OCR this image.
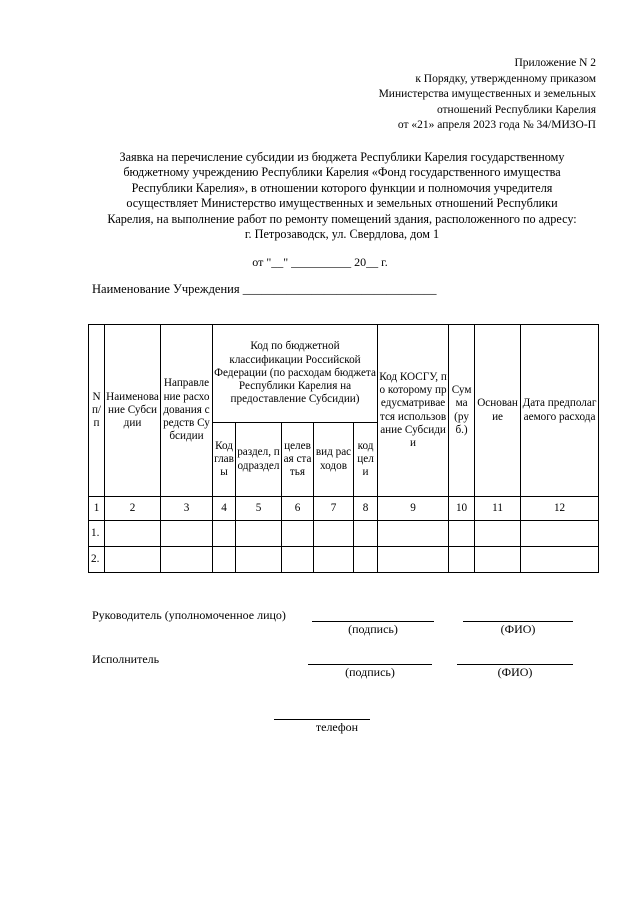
Приложение N 2
к Порядку, утвержденному приказом
Министерства имущественных и земельных
отношений Республики Карелия
от «21» апреля 2023 года № 34/МИЗО-П
Заявка на перечисление субсидии из бюджета Республики Карелия государственному
бюджетному учреждению Республики Карелия «Фонд государственного имущества
Республики Карелия», в отношении которого функции и полномочия учредителя
осуществляет Министерство имущественных и земельных отношений Республики
Карелия, на выполнение работ по ремонту помещений здания, расположенного по адресу:
г. Петрозаводск, ул. Свердлова, дом 1
от "__" __________ 20__ г.
Наименование Учреждения _______________________________
N п/п	Наименование Субсидии	Направление расходования средств Субсидии	Код по бюджетной классификации Российской Федерации (по расходам бюджета Республики Карелия на предоставление Субсидии)					Код КОСГУ, по которому предусматривается использование Субсидии	Сумма (руб.)	Основание	Дата предполагаемого расхода
			Код главы	раздел, подраздел	целевая статья	вид расходов	код цели				
1	2	3	4	5	6	7	8	9	10	11	12
1.											
2.											
Руководитель (уполномоченное лицо)
(подпись)	(ФИО)
Исполнитель
(подпись)	(ФИО)
телефон
